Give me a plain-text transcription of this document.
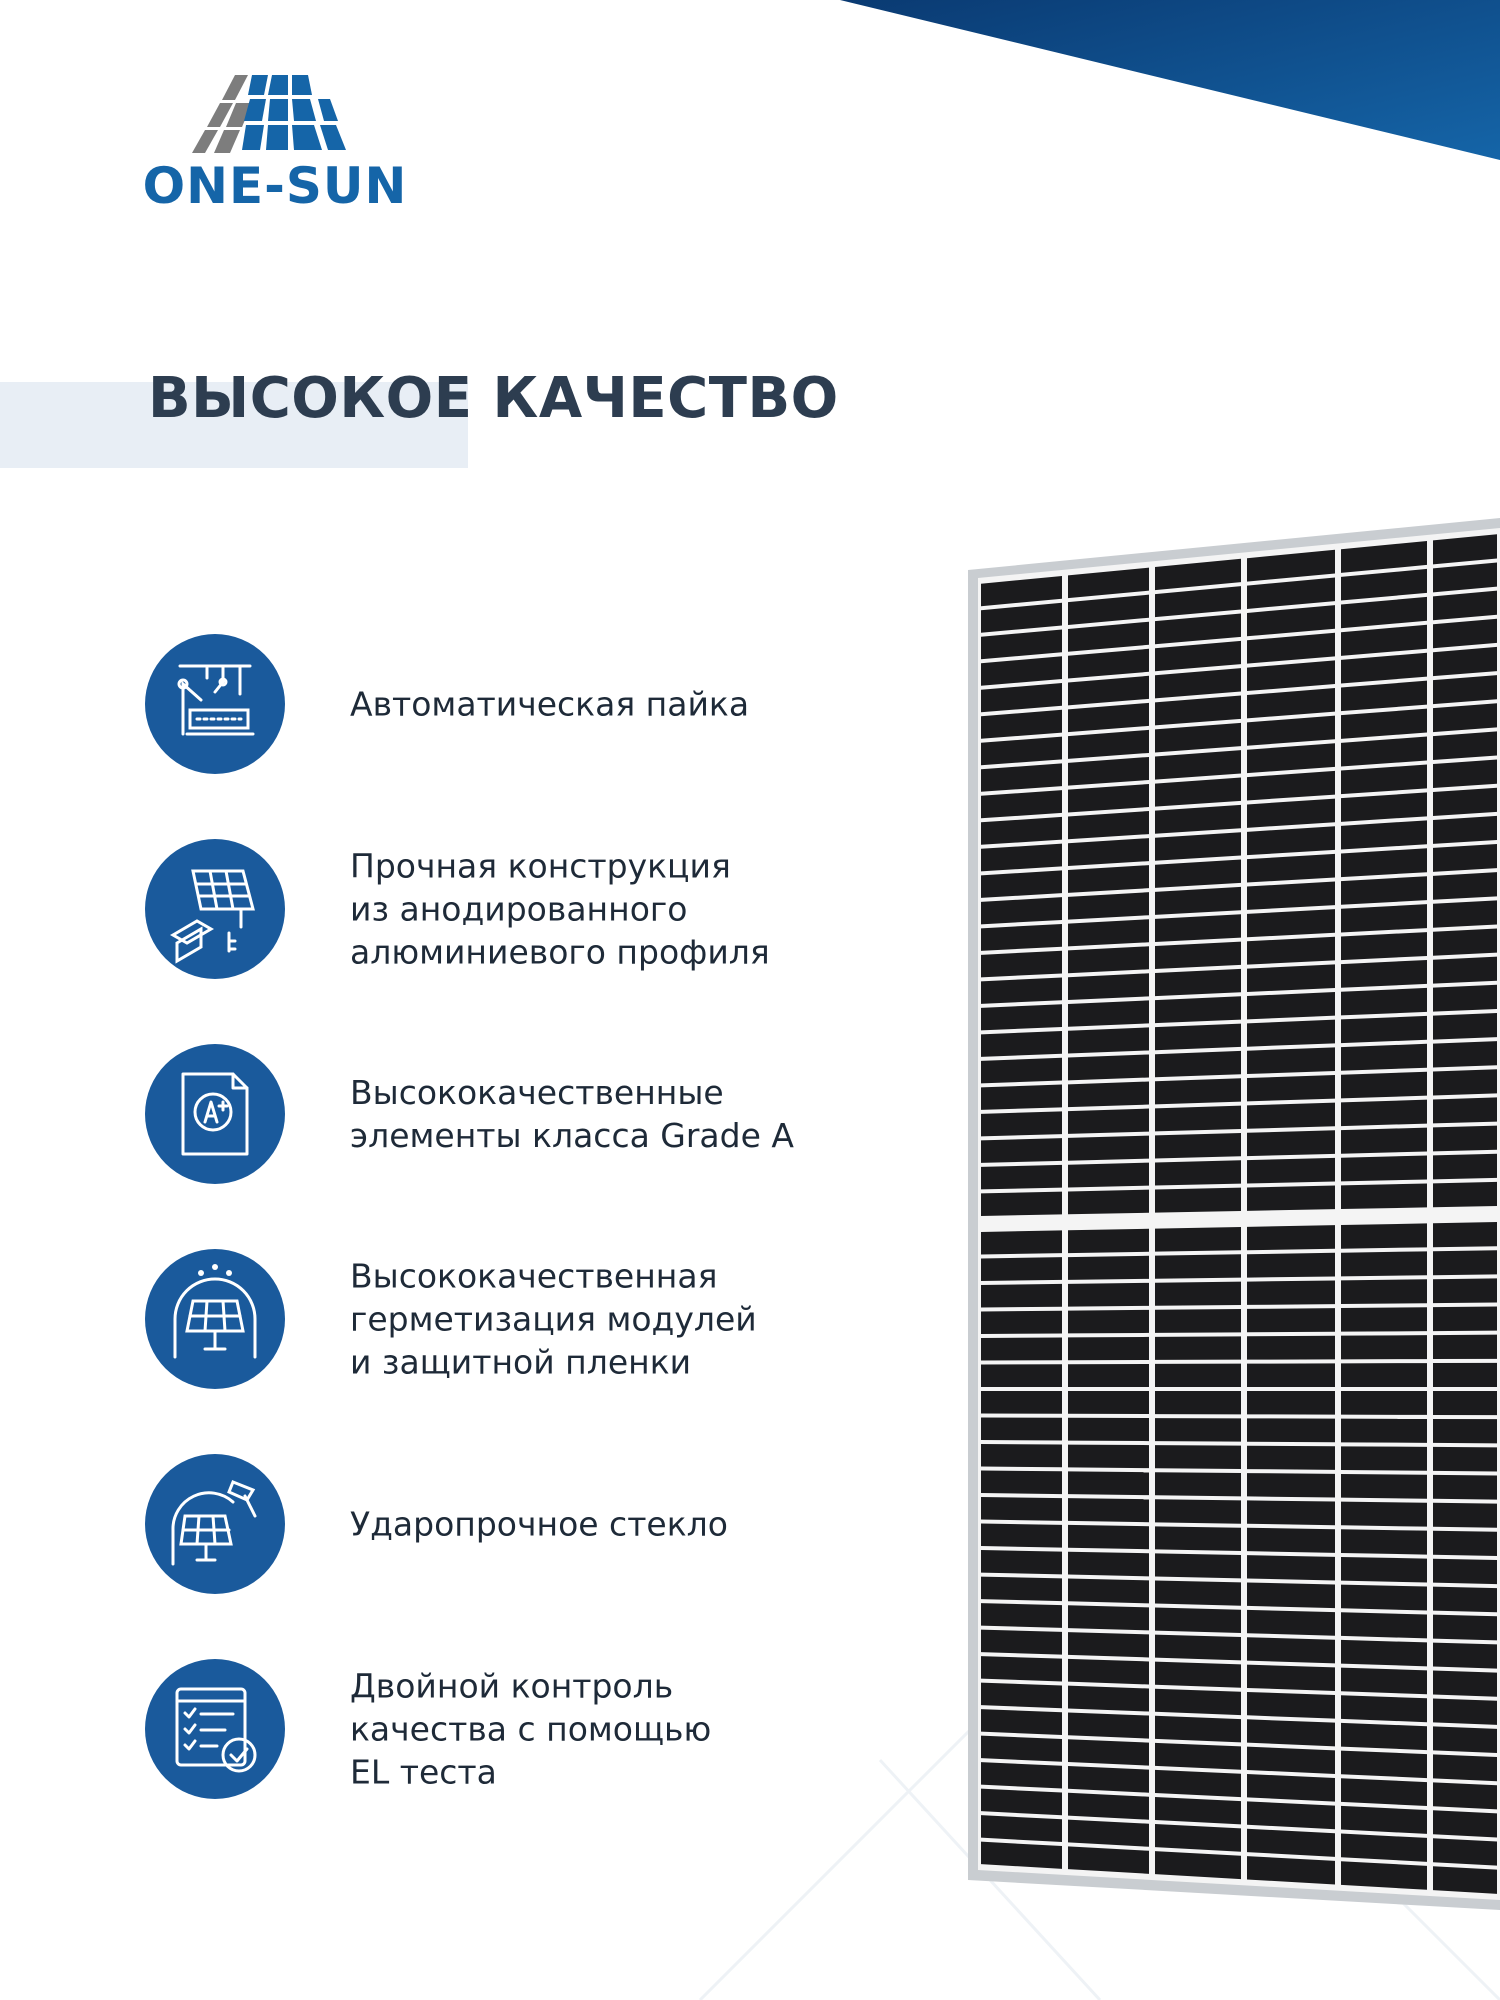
ONE-SUN
ВЫСОКОЕ КАЧЕСТВО
Автоматическая пайка
Прочная конструкция
из анодированного
алюминиевого профиля
Высококачественные
элементы класса Grade A
Высококачественная
герметизация модулей
и защитной пленки
Ударопрочное стекло
Двойной контроль
качества с помощью
EL теста
